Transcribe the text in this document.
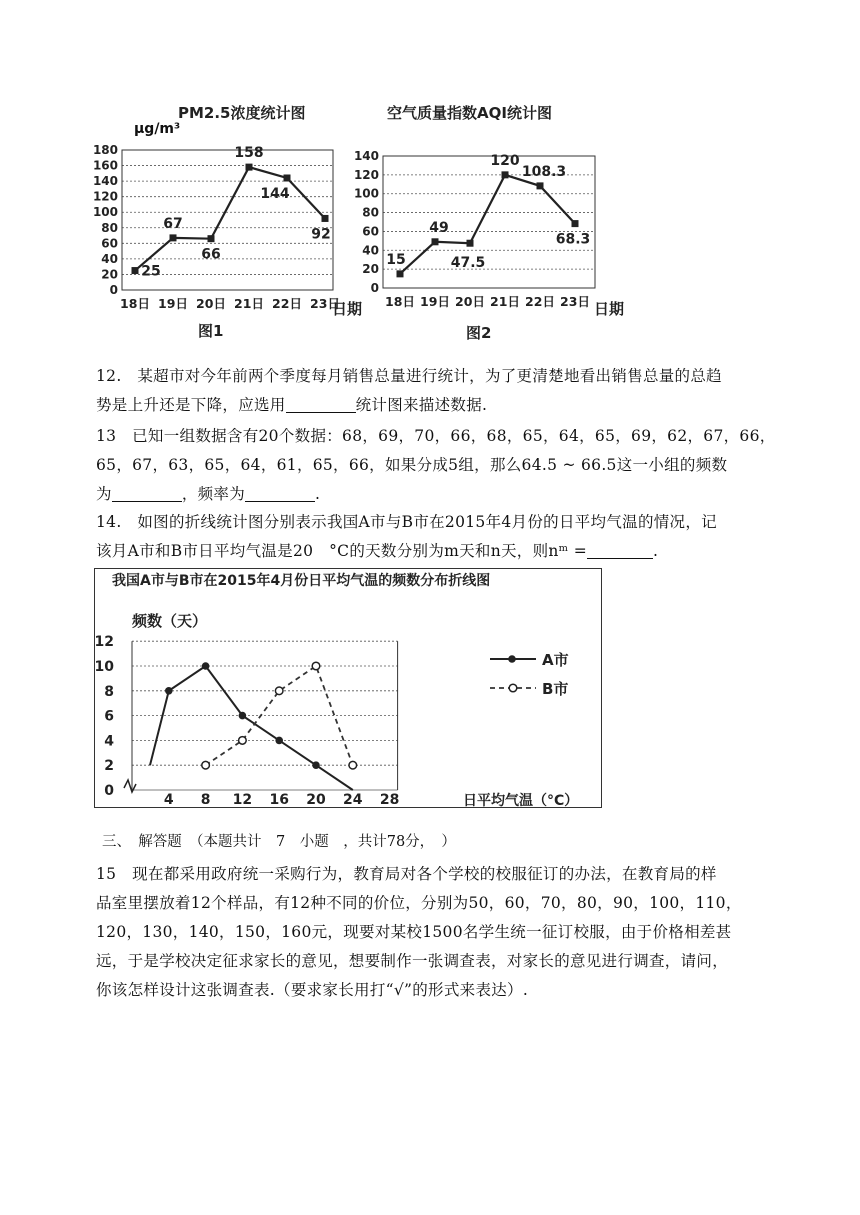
PM2.5浓度统计图
μg/m³
0
20
40
60
80
100
120
140
160
180
18日 19日 20日 21日 22日 23日
25
67
66
158
144
92
日期
图1
空气质量指数AQI统计图
0
20
40
60
80
100
120
140
18日 19日 20日 21日 22日 23日
15
49
47.5
120
108.3
68.3
日期
图2
12.　某超市对今年前两个季度每月销售总量进行统计，为了更清楚地看出销售总量的总趋
势是上升还是下降，应选用	统计图来描述数据.
13　已知一组数据含有20个数据：68，69，70，66，68，65，64，65，69，62，67，66，
65，67，63，65，64，61，65，66，如果分成5组，那么64.5 ~ 66.5这一小组的频数
为	，频率为	.
14.　如图的折线统计图分别表示我国A市与B市在2015年4月份的日平均气温的情况，记
该月A市和B市日平均气温是20　°C的天数分别为m天和n天，则nᵐ =	.
我国A市与B市在2015年4月份日平均气温的频数分布折线图
频数（天）
0
2
4
6
8
10
12
4 8 12 16 20 24 28
A市
B市
日平均气温（°C）
三、　解答题　（本题共计　7　小题　，共计78分，　）
15　现在都采用政府统一采购行为，教育局对各个学校的校服征订的办法，在教育局的样
品室里摆放着12个样品，有12种不同的价位，分别为50，60，70，80，90，100，110，
120，130，140，150，160元，现要对某校1500名学生统一征订校服，由于价格相差甚
远，于是学校决定征求家长的意见，想要制作一张调查表，对家长的意见进行调查，请问，
你该怎样设计这张调查表.（要求家长用打“√”的形式来表达）.
